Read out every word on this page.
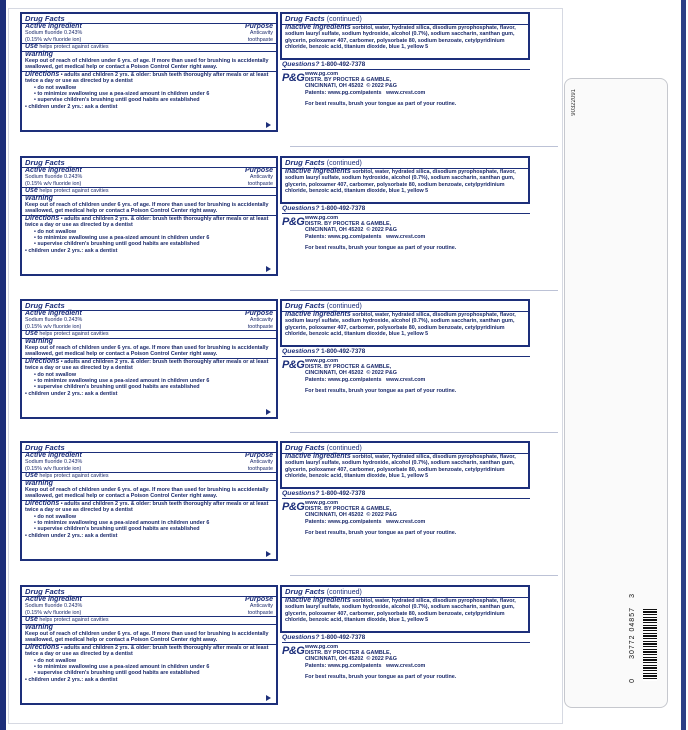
90322091
0
30772 04857
3
Drug Facts
Active ingredient	Purpose
Sodium fluoride 0.243%	Anticavity
(0.15% w/v fluoride ion)	toothpaste
Use helps protect against cavities
Warning
Keep out of reach of children under 6 yrs. of age. If more than used for brushing is accidentally swallowed, get medical help or contact a Poison Control Center right away.
Directions • adults and children 2 yrs. & older: brush teeth thoroughly after meals or at least twice a day or use as directed by a dentist
• do not swallow
• to minimize swallowing use a pea-sized amount in children under 6
• supervise children's brushing until good habits are established
• children under 2 yrs.: ask a dentist
Drug Facts (continued)
Inactive ingredients sorbitol, water, hydrated silica, disodium pyrophosphate, flavor, sodium lauryl sulfate, sodium hydroxide, alcohol (0.7%), sodium saccharin, xanthan gum, glycerin, poloxamer 407, carbomer, polysorbate 80, sodium benzoate, cetylpyridinium chloride, benzoic acid, titanium dioxide, blue 1, yellow 5
Questions? 1-800-492-7378
P&G www.pg.com
DISTR. BY PROCTER & GAMBLE,
CINCINNATI, OH 45202 © 2022 P&G
Patents: www.pg.com/patents www.crest.com
For best results, brush your tongue as part of your routine.
Drug Facts
Active ingredient	Purpose
Sodium fluoride 0.243%	Anticavity
(0.15% w/v fluoride ion)	toothpaste
Use helps protect against cavities
Warning
Keep out of reach of children under 6 yrs. of age. If more than used for brushing is accidentally swallowed, get medical help or contact a Poison Control Center right away.
Directions • adults and children 2 yrs. & older: brush teeth thoroughly after meals or at least twice a day or use as directed by a dentist
• do not swallow
• to minimize swallowing use a pea-sized amount in children under 6
• supervise children's brushing until good habits are established
• children under 2 yrs.: ask a dentist
Drug Facts (continued)
Inactive ingredients sorbitol, water, hydrated silica, disodium pyrophosphate, flavor, sodium lauryl sulfate, sodium hydroxide, alcohol (0.7%), sodium saccharin, xanthan gum, glycerin, poloxamer 407, carbomer, polysorbate 80, sodium benzoate, cetylpyridinium chloride, benzoic acid, titanium dioxide, blue 1, yellow 5
Questions? 1-800-492-7378
P&G www.pg.com
DISTR. BY PROCTER & GAMBLE,
CINCINNATI, OH 45202 © 2022 P&G
Patents: www.pg.com/patents www.crest.com
For best results, brush your tongue as part of your routine.
Drug Facts
Active ingredient	Purpose
Sodium fluoride 0.243%	Anticavity
(0.15% w/v fluoride ion)	toothpaste
Use helps protect against cavities
Warning
Keep out of reach of children under 6 yrs. of age. If more than used for brushing is accidentally swallowed, get medical help or contact a Poison Control Center right away.
Directions • adults and children 2 yrs. & older: brush teeth thoroughly after meals or at least twice a day or use as directed by a dentist
• do not swallow
• to minimize swallowing use a pea-sized amount in children under 6
• supervise children's brushing until good habits are established
• children under 2 yrs.: ask a dentist
Drug Facts (continued)
Inactive ingredients sorbitol, water, hydrated silica, disodium pyrophosphate, flavor, sodium lauryl sulfate, sodium hydroxide, alcohol (0.7%), sodium saccharin, xanthan gum, glycerin, poloxamer 407, carbomer, polysorbate 80, sodium benzoate, cetylpyridinium chloride, benzoic acid, titanium dioxide, blue 1, yellow 5
Questions? 1-800-492-7378
P&G www.pg.com
DISTR. BY PROCTER & GAMBLE,
CINCINNATI, OH 45202 © 2022 P&G
Patents: www.pg.com/patents www.crest.com
For best results, brush your tongue as part of your routine.
Drug Facts
Active ingredient	Purpose
Sodium fluoride 0.243%	Anticavity
(0.15% w/v fluoride ion)	toothpaste
Use helps protect against cavities
Warning
Keep out of reach of children under 6 yrs. of age. If more than used for brushing is accidentally swallowed, get medical help or contact a Poison Control Center right away.
Directions • adults and children 2 yrs. & older: brush teeth thoroughly after meals or at least twice a day or use as directed by a dentist
• do not swallow
• to minimize swallowing use a pea-sized amount in children under 6
• supervise children's brushing until good habits are established
• children under 2 yrs.: ask a dentist
Drug Facts (continued)
Inactive ingredients sorbitol, water, hydrated silica, disodium pyrophosphate, flavor, sodium lauryl sulfate, sodium hydroxide, alcohol (0.7%), sodium saccharin, xanthan gum, glycerin, poloxamer 407, carbomer, polysorbate 80, sodium benzoate, cetylpyridinium chloride, benzoic acid, titanium dioxide, blue 1, yellow 5
Questions? 1-800-492-7378
P&G www.pg.com
DISTR. BY PROCTER & GAMBLE,
CINCINNATI, OH 45202 © 2022 P&G
Patents: www.pg.com/patents www.crest.com
For best results, brush your tongue as part of your routine.
Drug Facts
Active ingredient	Purpose
Sodium fluoride 0.243%	Anticavity
(0.15% w/v fluoride ion)	toothpaste
Use helps protect against cavities
Warning
Keep out of reach of children under 6 yrs. of age. If more than used for brushing is accidentally swallowed, get medical help or contact a Poison Control Center right away.
Directions • adults and children 2 yrs. & older: brush teeth thoroughly after meals or at least twice a day or use as directed by a dentist
• do not swallow
• to minimize swallowing use a pea-sized amount in children under 6
• supervise children's brushing until good habits are established
• children under 2 yrs.: ask a dentist
Drug Facts (continued)
Inactive ingredients sorbitol, water, hydrated silica, disodium pyrophosphate, flavor, sodium lauryl sulfate, sodium hydroxide, alcohol (0.7%), sodium saccharin, xanthan gum, glycerin, poloxamer 407, carbomer, polysorbate 80, sodium benzoate, cetylpyridinium chloride, benzoic acid, titanium dioxide, blue 1, yellow 5
Questions? 1-800-492-7378
P&G www.pg.com
DISTR. BY PROCTER & GAMBLE,
CINCINNATI, OH 45202 © 2022 P&G
Patents: www.pg.com/patents www.crest.com
For best results, brush your tongue as part of your routine.
